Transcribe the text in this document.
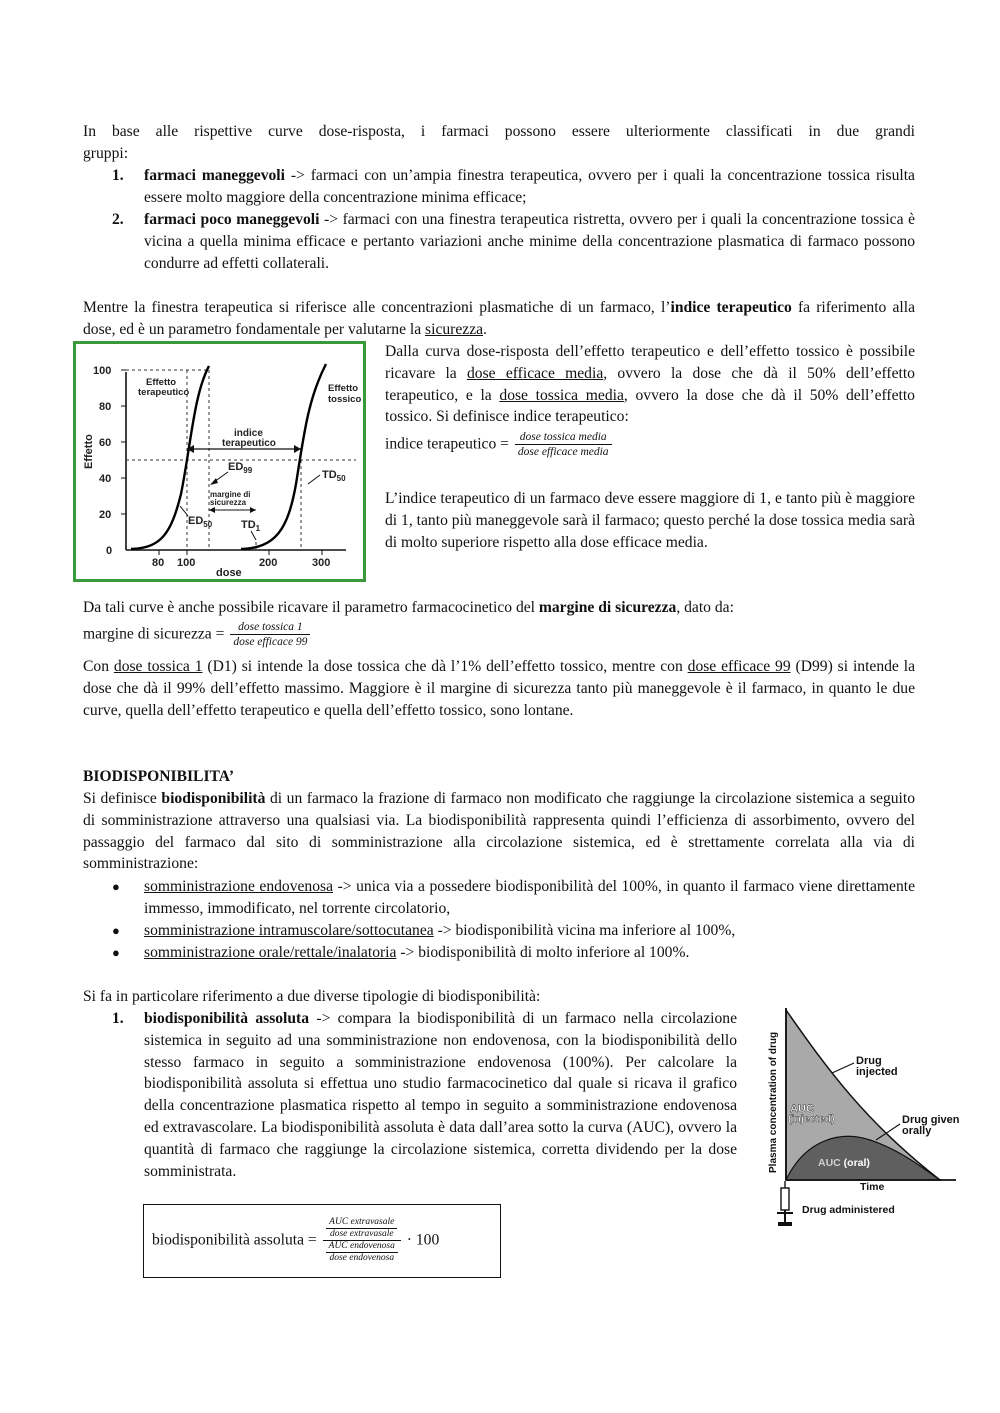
In base alle rispettive curve dose-risposta, i farmaci possono essere ulteriormente classificati in due grandi
gruppi:
1. farmaci maneggevoli -> farmaci con un’ampia finestra terapeutica, ovvero per i quali la concentrazione tossica risulta essere molto maggiore della concentrazione minima efficace;
2. farmaci poco maneggevoli -> farmaci con una finestra terapeutica ristretta, ovvero per i quali la concentrazione tossica è vicina a quella minima efficace e pertanto variazioni anche minime della concentrazione plasmatica di farmaco possono condurre ad effetti collaterali.
Mentre la finestra terapeutica si riferisce alle concentrazioni plasmatiche di un farmaco, l’indice terapeutico fa riferimento alla dose, ed è un parametro fondamentale per valutarne la sicurezza.
100
80
60
40
20
0
80 100	200	300
dose
Effetto
Effetto
terapeutico	Effetto
tossico
indice
terapeutico
$ED_{99}$	$TD_{50}$
margine di
sicurezza
$ED_{50}$	$TD_1$
Dalla curva dose-risposta dell’effetto terapeutico e dell’effetto tossico è possibile ricavare la dose efficace media, ovvero la dose che dà il 50% dell’effetto terapeutico, e la dose tossica media, ovvero la dose che dà il 50% dell’effetto tossico. Si definisce indice terapeutico:
indice terapeutico = $\frac{\text{dose tossica media}}{\text{dose efficace media}}$
L’indice terapeutico di un farmaco deve essere maggiore di 1, e tanto più è maggiore di 1, tanto più maneggevole sarà il farmaco; questo perché la dose tossica media sarà di molto superiore rispetto alla dose efficace media.
Da tali curve è anche possibile ricavare il parametro farmacocinetico del margine di sicurezza, dato da:
margine di sicurezza = $\frac{\text{dose tossica 1}}{\text{dose efficace 99}}$
Con dose tossica 1 (D1) si intende la dose tossica che dà l’1% dell’effetto tossico, mentre con dose efficace 99 (D99) si intende la dose che dà il 99% dell’effetto massimo. Maggiore è il margine di sicurezza tanto più maneggevole è il farmaco, in quanto le due curve, quella dell’effetto terapeutico e quella dell’effetto tossico, sono lontane.
BIODISPONIBILITA’
Si definisce biodisponibilità di un farmaco la frazione di farmaco non modificato che raggiunge la circolazione sistemica a seguito di somministrazione attraverso una qualsiasi via. La biodisponibilità rappresenta quindi l’efficienza di assorbimento, ovvero del passaggio del farmaco dal sito di somministrazione alla circolazione sistemica, ed è strettamente correlata alla via di somministrazione:
● somministrazione endovenosa -> unica via a possedere biodisponibilità del 100%, in quanto il farmaco viene direttamente immesso, immodificato, nel torrente circolatorio,
● somministrazione intramuscolare/sottocutanea -> biodisponibilità vicina ma inferiore al 100%,
● somministrazione orale/rettale/inalatoria -> biodisponibilità di molto inferiore al 100%.
Si fa in particolare riferimento a due diverse tipologie di biodisponibilità:
1. biodisponibilità assoluta -> compara la biodisponibilità di un farmaco nella circolazione sistemica in seguito ad una somministrazione non endovenosa, con la biodisponibilità dello stesso farmaco in seguito a somministrazione endovenosa (100%). Per calcolare la biodisponibilità assoluta si effettua uno studio farmacocinetico dal quale si ricava il grafico della concentrazione plasmatica rispetto al tempo in seguito a somministrazione endovenosa ed extravascolare. La biodisponibilità assoluta è data dall’area sotto la curva (AUC), ovvero la quantità di farmaco che raggiunge la circolazione sistemica, corretta dividendo per la dose somministrata.
biodisponibilità assoluta = $\frac{\frac{\text{AUC extravasale}}{\text{dose extravasale}}}{\frac{\text{AUC endovenosa}}{\text{dose endovenosa}}} \cdot 100$
Plasma concentration of drug
Time
Drug
injected
AUC
(injected)	Drug given
orally
AUC (oral)
Drug administered
